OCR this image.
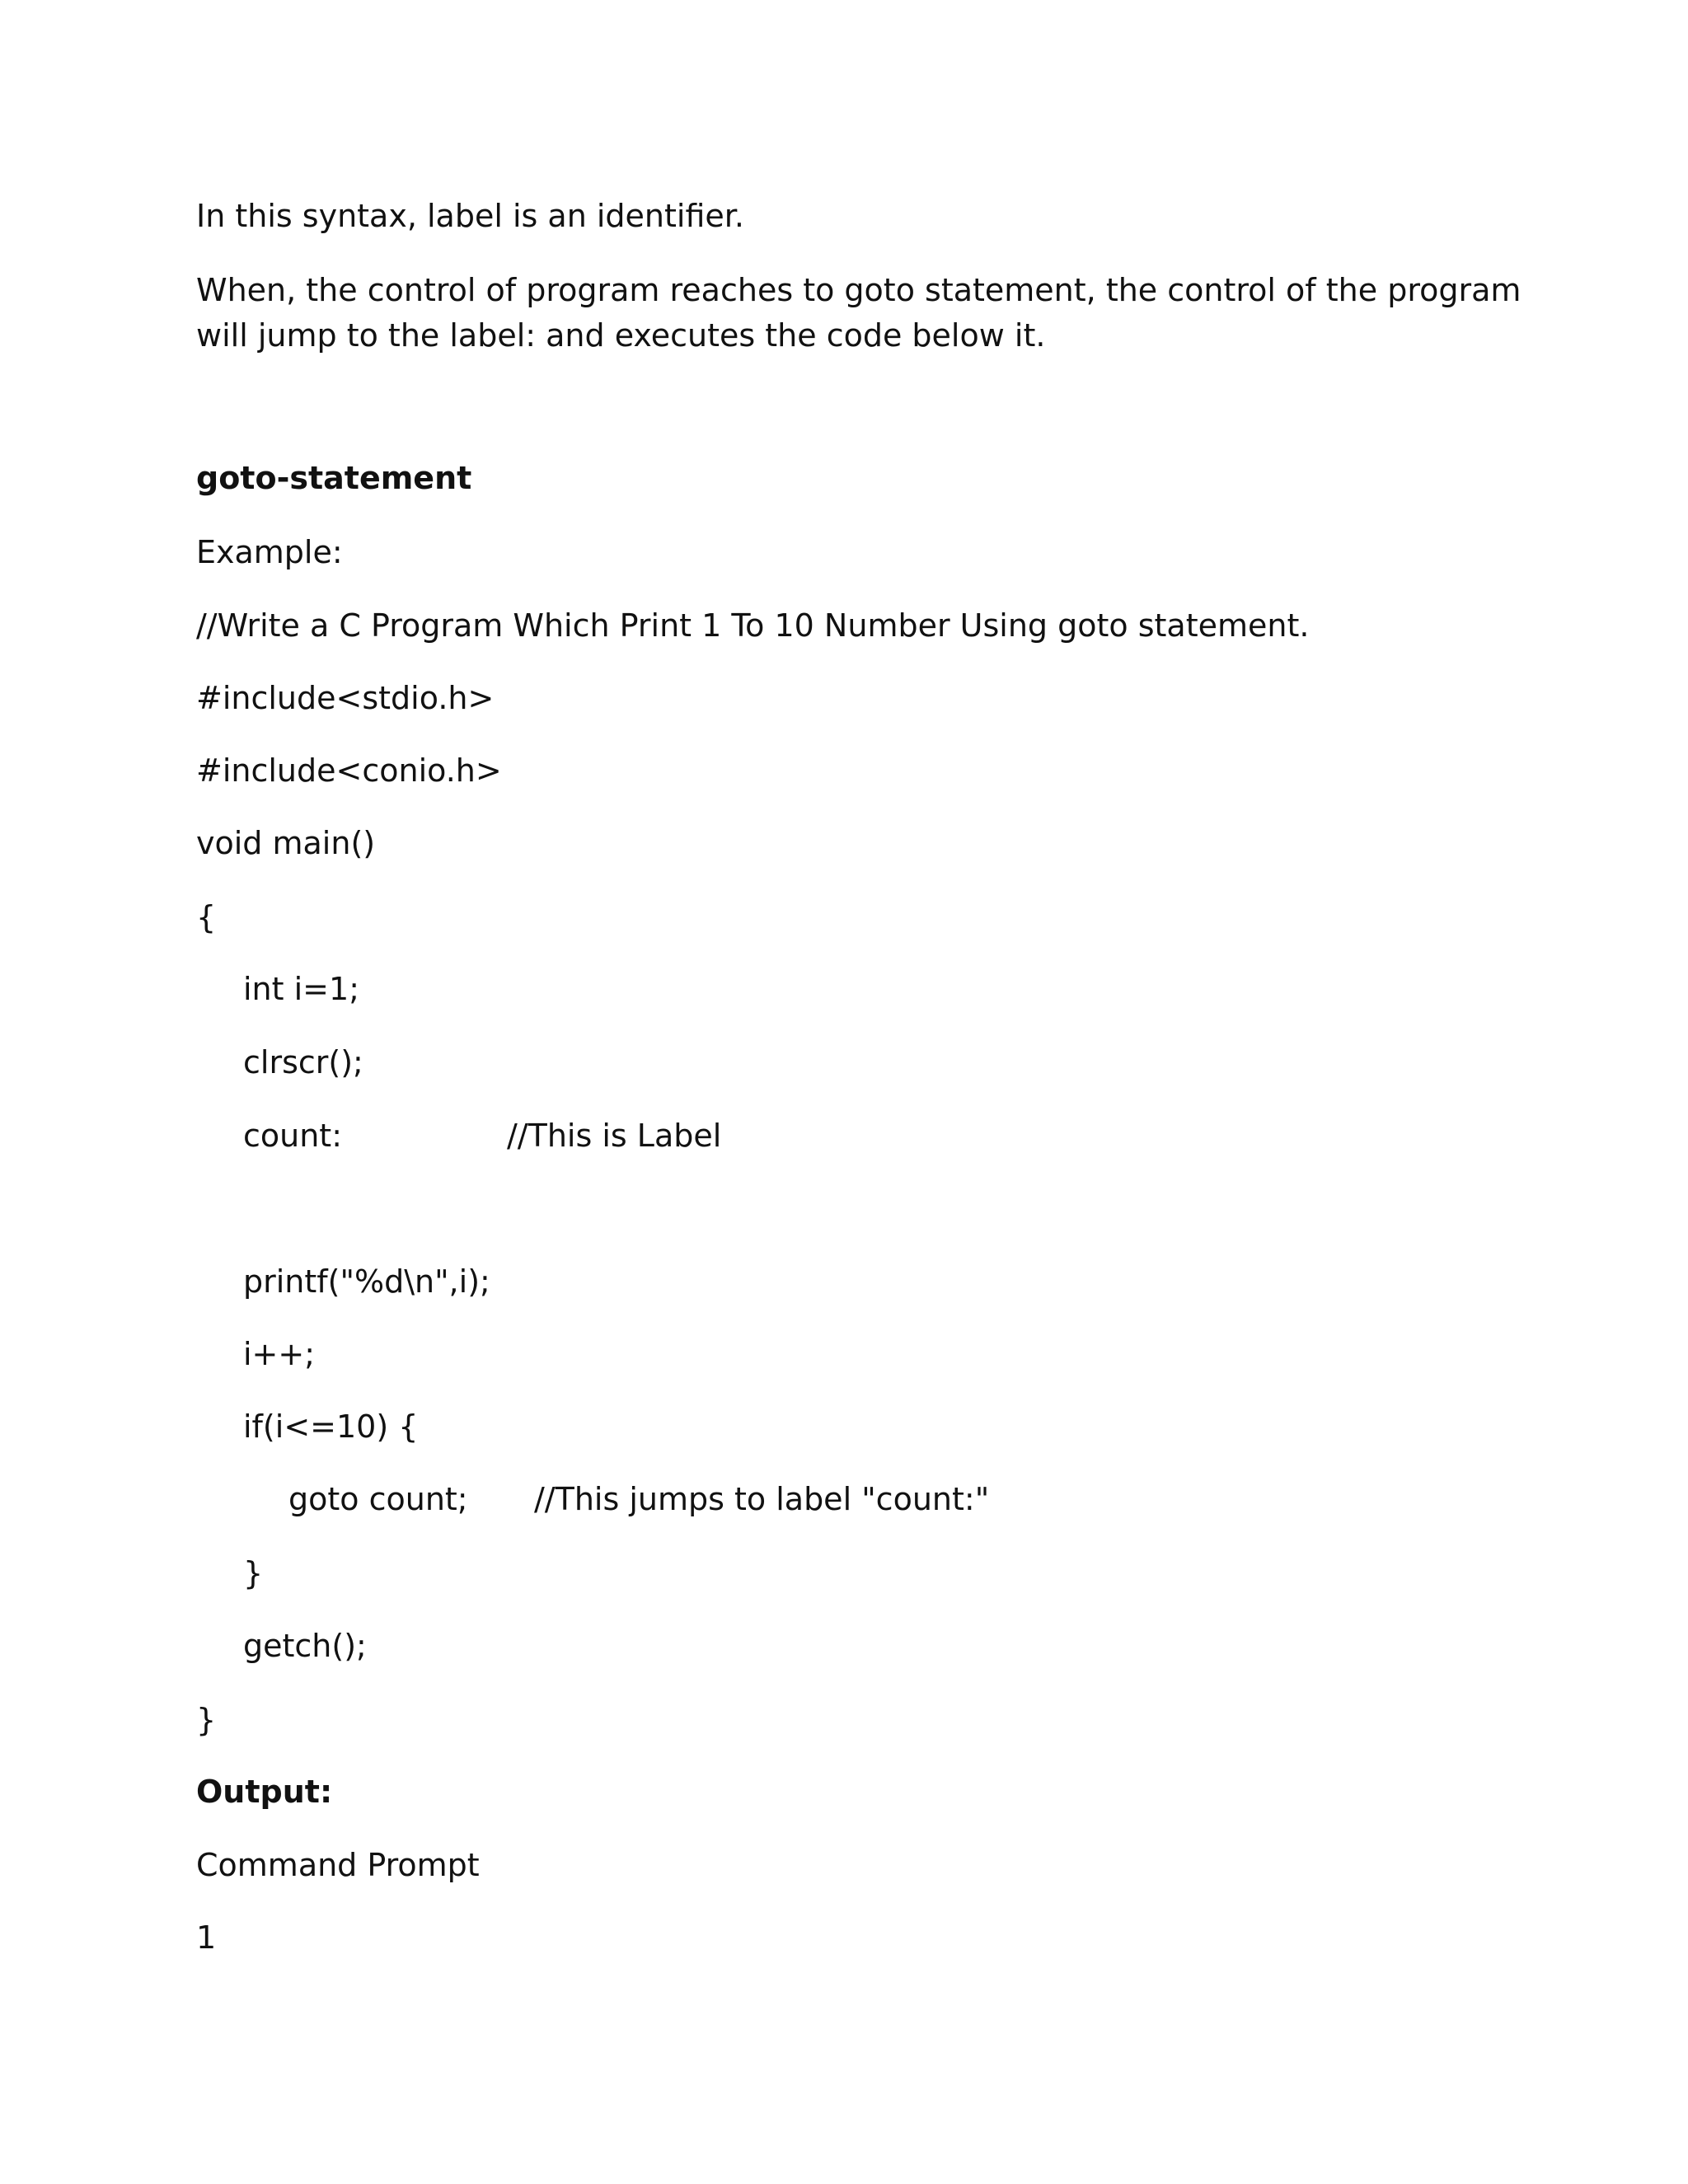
In this syntax, label is an identifier.
When, the control of program reaches to goto statement, the control of the program will jump to the label: and executes the code below it.
goto-statement
Example:
//Write a C Program Which Print 1 To 10 Number Using goto statement.
#include<stdio.h>
#include<conio.h>
void main()
{
int i=1;
clrscr();
count:	//This is Label
printf("%d\n",i);
i++;
if(i<=10) {
goto count; //This jumps to label "count:"
}
getch();
}
Output:
Command Prompt
1
